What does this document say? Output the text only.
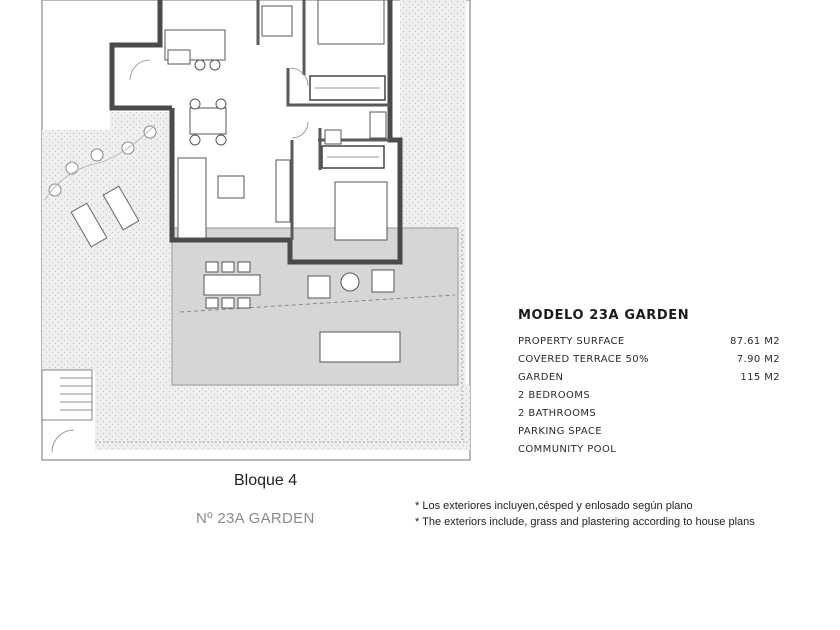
MODELO 23A GARDEN
PROPERTY SURFACE	87.61 M2
COVERED TERRACE 50%	7.90 M2
GARDEN	115 M2
2 BEDROOMS
2 BATHROOMS
PARKING SPACE
COMMUNITY POOL
Bloque 4
Nº 23A GARDEN
* Los exteriores incluyen,césped y enlosado según plano
* The exteriors include, grass and plastering according to house plans
